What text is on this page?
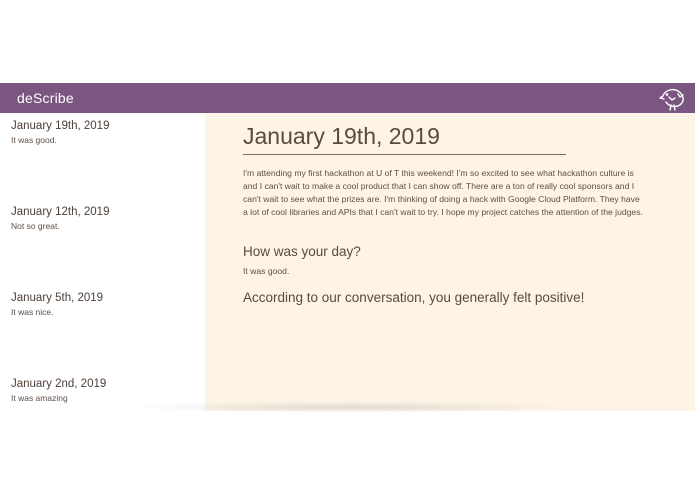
deScribe
January 19th, 2019
It was good.
January 12th, 2019
Not so great.
January 5th, 2019
It was nice.
January 2nd, 2019
It was amazing
January 19th, 2019
I'm attending my first hackathon at U of T this weekend! I'm so excited to see what hackathon culture is and I can't wait to make a cool product that I can show off. There are a ton of really cool sponsors and I can't wait to see what the prizes are. I'm thinking of doing a hack with Google Cloud Platform. They have a lot of cool libraries and APIs that I can't wait to try. I hope my project catches the attention of the judges.
How was your day?
It was good.
According to our conversation, you generally felt positive!
